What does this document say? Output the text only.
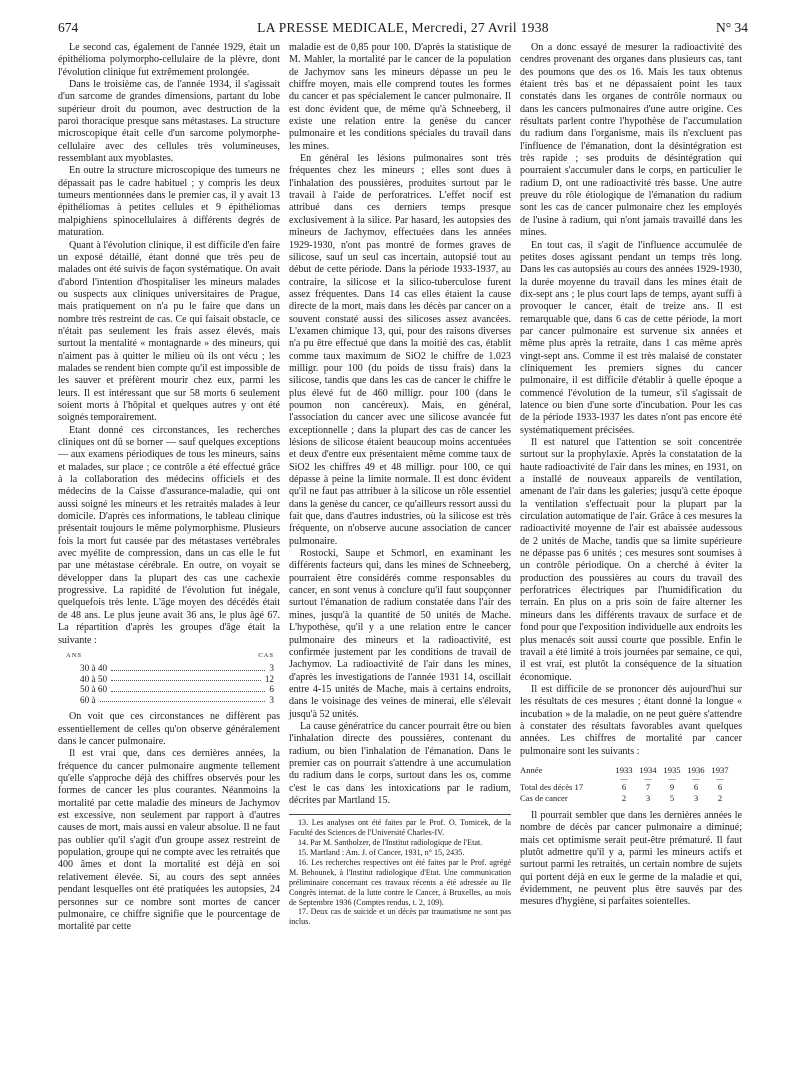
674	LA PRESSE MEDICALE, Mercredi, 27 Avril 1938	N° 34

Le second cas, également de l'année 1929, était un épithélioma polymorpho-cellulaire de la plèvre, dont l'évolution clinique fut extrêmement prolongée.

Dans le troisième cas, de l'année 1934, il s'agissait d'un sarcome de grandes dimensions, partant du lobe supérieur droit du poumon, avec destruction de la paroi thoracique presque sans métastases. La structure microscopique était celle d'un sarcome polymorphe-cellulaire avec des cellules très volumineuses, ressemblant aux myoblastes.

En outre la structure microscopique des tumeurs ne dépassait pas le cadre habituel ; y compris les deux tumeurs mentionnées dans le premier cas, il y avait 13 épithéliomas à petites cellules et 9 épithéliomas malpighiens spinocellulaires à différents degrés de maturation.

Quant à l'évolution clinique, il est difficile d'en faire un exposé détaillé, étant donné que très peu de malades ont été suivis de façon systématique. On avait d'abord l'intention d'hospitaliser les mineurs malades ou suspects aux cliniques universitaires de Prague, mais pratiquement on n'a pu le faire que dans un nombre très restreint de cas. Ce qui faisait obstacle, ce n'était pas seulement les frais assez élevés, mais surtout la mentalité « montagnarde » des mineurs, qui n'aiment pas à quitter le milieu où ils ont vécu ; les malades se rendent bien compte qu'il est impossible de les sauver et préfèrent mourir chez eux, parmi les leurs. Il est intéressant que sur 58 morts 6 seulement soient morts à l'hôpital et quelques autres y ont été soignés temporairement.

Etant donné ces circonstances, les recherches cliniques ont dû se borner — sauf quelques exceptions — aux examens périodiques de tous les mineurs, sains et malades, sur place ; ce contrôle a été effectué grâce à la collaboration des médecins officiels et des médecins de la Caisse d'assurance-maladie, qui ont aussi soigné les mineurs et les retraités malades à leur domicile. D'après ces informations, le tableau clinique présentait toujours le même polymorphisme. Plusieurs fois la mort fut causée par des métastases vertébrales avec myélite de compression, dans un cas elle le fut par une métastase cérébrale. En outre, on voyait se développer dans la plupart des cas une cachexie progressive. La rapidité de l'évolution fut inégale, quelquefois très lente. L'âge moyen des décédés était de 48 ans. Le plus jeune avait 36 ans, le plus âgé 67. La répartition d'après les groupes d'âge était la suivante :

ANS	CAS
30 à 40	3
40 à 50	12
50 à 60	6
60 à	3

On voit que ces circonstances ne diffèrent pas essentiellement de celles qu'on observe généralement dans le cancer pulmonaire.

Il est vrai que, dans ces dernières années, la fréquence du cancer pulmonaire augmente tellement qu'elle s'approche déjà des chiffres observés pour les formes de cancer les plus courantes. Néanmoins la mortalité par cette maladie des mineurs de Jachymov est excessive, non seulement par rapport à d'autres causes de mort, mais aussi en valeur absolue. Il ne faut pas oublier qu'il s'agit d'un groupe assez restreint de population, groupe qui ne compte avec les retraités que 400 âmes et dont la mortalité est déjà en soi relativement élevée. Si, au cours des sept années pendant lesquelles ont été pratiquées les autopsies, 24 personnes sur ce nombre sont mortes de cancer pulmonaire, ce chiffre signifie que le pourcentage de mortalité par cette

maladie est de 0,85 pour 100. D'après la statistique de M. Mahler, la mortalité par le cancer de la population de Jachymov sans les mineurs dépasse un peu le chiffre moyen, mais elle comprend toutes les formes du cancer et pas spécialement le cancer pulmonaire. Il est donc évident que, de même qu'à Schneeberg, il existe une relation entre la genèse du cancer pulmonaire et les conditions spéciales du travail dans les mines.

En général les lésions pulmonaires sont très fréquentes chez les mineurs ; elles sont dues à l'inhalation des poussières, produites surtout par le travail à l'aide de perforatrices. L'effet nocif est attribué dans ces derniers temps presque exclusivement à la silice. Par hasard, les autopsies des mineurs de Jachymov, effectuées dans les années 1929-1930, n'ont pas montré de formes graves de silicose, sauf un seul cas incertain, autopsié tout au début de cette période. Dans la période 1933-1937, au contraire, la silicose et la silico-tuberculose furent assez fréquentes. Dans 14 cas elles étaient la cause directe de la mort, mais dans les décès par cancer on a souvent constaté aussi des silicoses assez avancées. L'examen chimique 13, qui, pour des raisons diverses n'a pu être effectué que dans la moitié des cas, établit comme taux maximum de SiO2 le chiffre de 1.023 milligr. pour 100 (du poids de tissu frais) dans la silicose, tandis que dans les cas de cancer le chiffre le plus élevé fut de 460 milligr. pour 100 (dans le poumon non cancéreux). Mais, en général, l'association du cancer avec une silicose avancée fut exceptionnelle ; dans la plupart des cas de cancer les lésions de silicose étaient beaucoup moins accentuées et deux d'entre eux présentaient même comme taux de SiO2 les chiffres 49 et 48 milligr. pour 100, ce qui dépasse à peine la limite normale. Il est donc évident qu'il ne faut pas attribuer à la silicose un rôle essentiel dans la genèse du cancer, ce qu'ailleurs ressort aussi du fait que, dans d'autres industries, où la silicose est très fréquente, on n'observe aucune association de cancer pulmonaire.

Rostocki, Saupe et Schmorl, en examinant les différents facteurs qui, dans les mines de Schneeberg, pourraient être considérés comme responsables du cancer, en sont venus à conclure qu'il faut soupçonner surtout l'émanation de radium constatée dans l'air des mines, jusqu'à la quantité de 50 unités de Mache. L'hypothèse, qu'il y a une relation entre le cancer pulmonaire des mineurs et la radioactivité, est confirmée justement par les conditions de travail de Jachymov. La radioactivité de l'air dans les mines, d'après les investigations de l'année 1931 14, oscillait entre 4-15 unités de Mache, mais à certains endroits, dans le voisinage des veines de minerai, elle s'élevait jusqu'à 52 unités.

La cause génératrice du cancer pourrait être ou bien l'inhalation directe des poussières, contenant du radium, ou bien l'inhalation de l'émanation. Dans le premier cas on pourrait s'attendre à une accumulation du radium dans le corps, surtout dans les os, comme c'est le cas dans les intoxications par le radium, décrites par Martland 15.

13. Les analyses ont été faites par le Prof. O. Tomicek, de la Faculté des Sciences de l'Université Charles-IV.

14. Par M. Santholzer, de l'Institut radiologique de l'Etat.

15. Martland : Am. J. of Cancer, 1931, n° 15, 2435.

16. Les recherches respectives ont été faites par le Prof. agrégé M. Behounek, à l'Institut radiologique d'Etat. Une communication préliminaire concernant ces travaux récents a été adressée au IIe Congrès internat. de la lutte contre le Cancer, à Bruxelles, au mois de Septembre 1936 (Comptes rendus, t. 2, 109).

17. Deux cas de suicide et un décès par traumatisme ne sont pas inclus.

On a donc essayé de mesurer la radioactivité des cendres provenant des organes dans plusieurs cas, tant des poumons que des os 16. Mais les taux obtenus étaient très bas et ne dépassaient point les taux constatés dans les organes de contrôle normaux ou dans les cancers pulmonaires d'une autre origine. Ces résultats parlent contre l'hypothèse de l'accumulation du radium dans l'organisme, mais ils n'excluent pas l'influence de l'émanation, dont la désintégration est très rapide ; ses produits de désintégration qui pourraient s'accumuler dans le corps, en particulier le radium D, ont une radioactivité très basse. Une autre preuve du rôle étiologique de l'émanation du radium sont les cas de cancer pulmonaire chez les employés de l'usine à radium, qui n'ont jamais travaillé dans les mines.

En tout cas, il s'agit de l'influence accumulée de petites doses agissant pendant un temps très long. Dans les cas autopsiés au cours des années 1929-1930, la durée moyenne du travail dans les mines était de dix-sept ans ; le plus court laps de temps, ayant suffi à provoquer le cancer, était de treize ans. Il est remarquable que, dans 6 cas de cette période, la mort par cancer pulmonaire est survenue six années et même plus après la retraite, dans 1 cas même après vingt-sept ans. Comme il est très malaisé de constater cliniquement les premiers signes du cancer pulmonaire, il est difficile d'établir à quelle époque a commencé l'évolution de la tumeur, s'il s'agissait de latence ou bien d'une sorte d'incubation. Pour les cas de la période 1933-1937 les dates n'ont pas encore été systématiquement précisées.

Il est naturel que l'attention se soit concentrée surtout sur la prophylaxie. Après la constatation de la haute radioactivité de l'air dans les mines, en 1931, on a installé de nouveaux appareils de ventilation, amenant de l'air dans les galeries; jusqu'à cette époque la ventilation s'effectuait pour la plupart par la circulation automatique de l'air. Grâce à ces mesures la radioactivité moyenne de l'air est abaissée audessous de 2 unités de Mache, tandis que sa limite supérieure ne dépasse pas 6 unités ; ces mesures sont soumises à un contrôle périodique. On a cherché à éviter la production des poussières au cours du travail des perforatrices électriques par l'humidification du terrain. En plus on a pris soin de faire alterner les mineurs dans les différents travaux de surface et de fond pour que l'exposition individuelle aux endroits les plus menacés soit aussi courte que possible. Enfin le travail a été limité à trois journées par semaine, ce qui, il est vrai, est plutôt la conséquence de la situation économique.

Il est difficile de se prononcer dès aujourd'hui sur les résultats de ces mesures ; étant donné la longue « incubation » de la maladie, on ne peut guère s'attendre à constater des résultats favorables avant quelques années. Les chiffres de mortalité par cancer pulmonaire sont les suivants :

Année	1933 1934 1935 1936 1937
—	—	—	—	—
Total des décès 17	6	7	9	6	6
Cas de cancer	2	3	5	3	2

Il pourrait sembler que dans les dernières années le nombre de décès par cancer pulmonaire a diminué; mais cet optimisme serait peut-être prématuré. Il faut plutôt admettre qu'il y a, parmi les mineurs actifs et surtout parmi les retraités, un certain nombre de sujets qui portent déjà en eux le germe de la maladie et qui, évidemment, ne peuvent plus être sauvés par des mesures d'hygiène, si parfaites soientelles.
